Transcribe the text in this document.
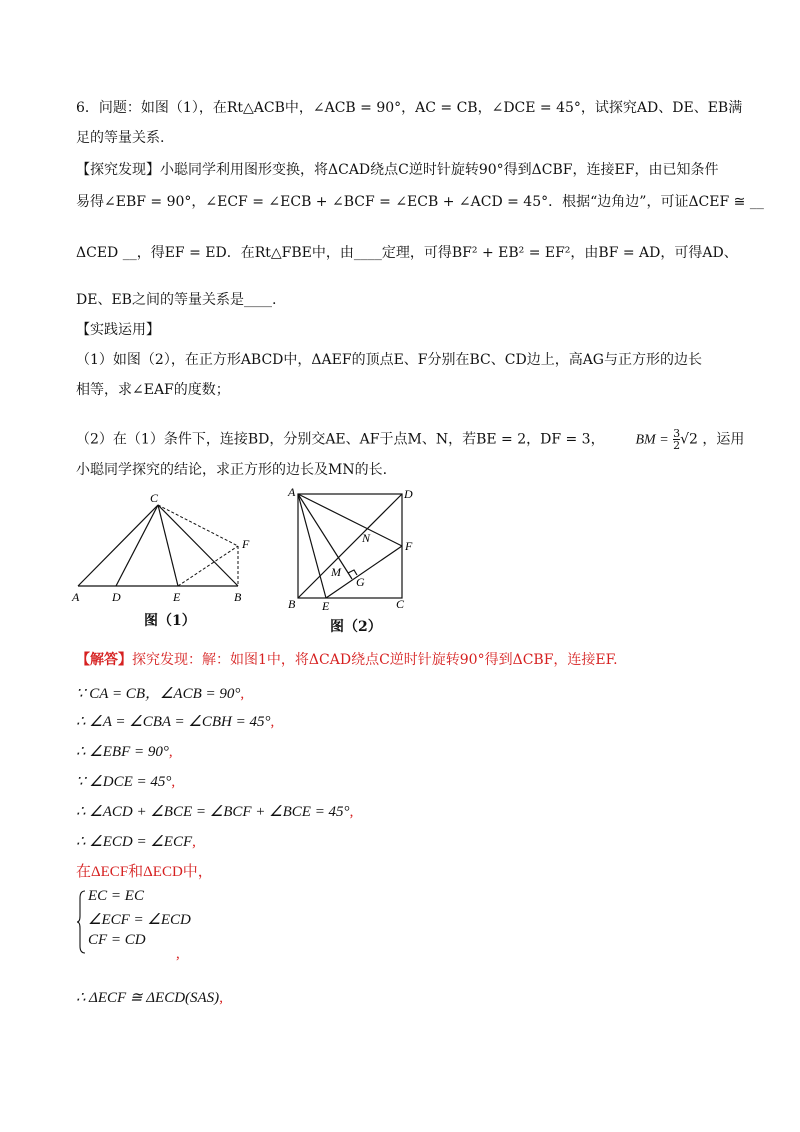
6．问题：如图（1），在Rt△ACB中，∠ACB = 90°，AC = CB，∠DCE = 45°，试探究AD、DE、EB满
足的等量关系.
【探究发现】小聪同学利用图形变换，将ΔCAD绕点C逆时针旋转90°得到ΔCBF，连接EF，由已知条件
易得∠EBF = 90°，∠ECF = ∠ECB + ∠BCF = ∠ECB + ∠ACD = 45°．根据“边角边”，可证ΔCEF ≅ __
ΔCED __，得EF = ED．在Rt△FBE中，由____定理，可得BF² + EB² = EF²，由BF = AD，可得AD、
DE、EB之间的等量关系是____.
【实践运用】
（1）如图（2），在正方形ABCD中，ΔAEF的顶点E、F分别在BC、CD边上，高AG与正方形的边长
相等，求∠EAF的度数；
（2）在（1）条件下，连接BD，分别交AE、AF于点M、N，若BE = 2，DF = 3， BM = $\frac{3}{2} √2$ ，运用
小聪同学探究的结论，求正方形的边长及MN的长.
C
F
A	D	E	B
图（1）
A	D
N
F
M
G
B E	C
图（2）
【解答】探究发现：解：如图1中，将ΔCAD绕点C逆时针旋转90°得到ΔCBF，连接EF.
∵ CA = CB，∠ACB = 90°,
∴ ∠A = ∠CBA = ∠CBH = 45°,
∴ ∠EBF = 90°,
∵ ∠DCE = 45°,
∴ ∠ACD + ∠BCE = ∠BCF + ∠BCE = 45°,
∴ ∠ECD = ∠ECF,
在ΔECF和ΔECD中，
EC = EC
∠ECF = ∠ECD
CF = CD
,
∴ ΔECF ≅ ΔECD(SAS),
